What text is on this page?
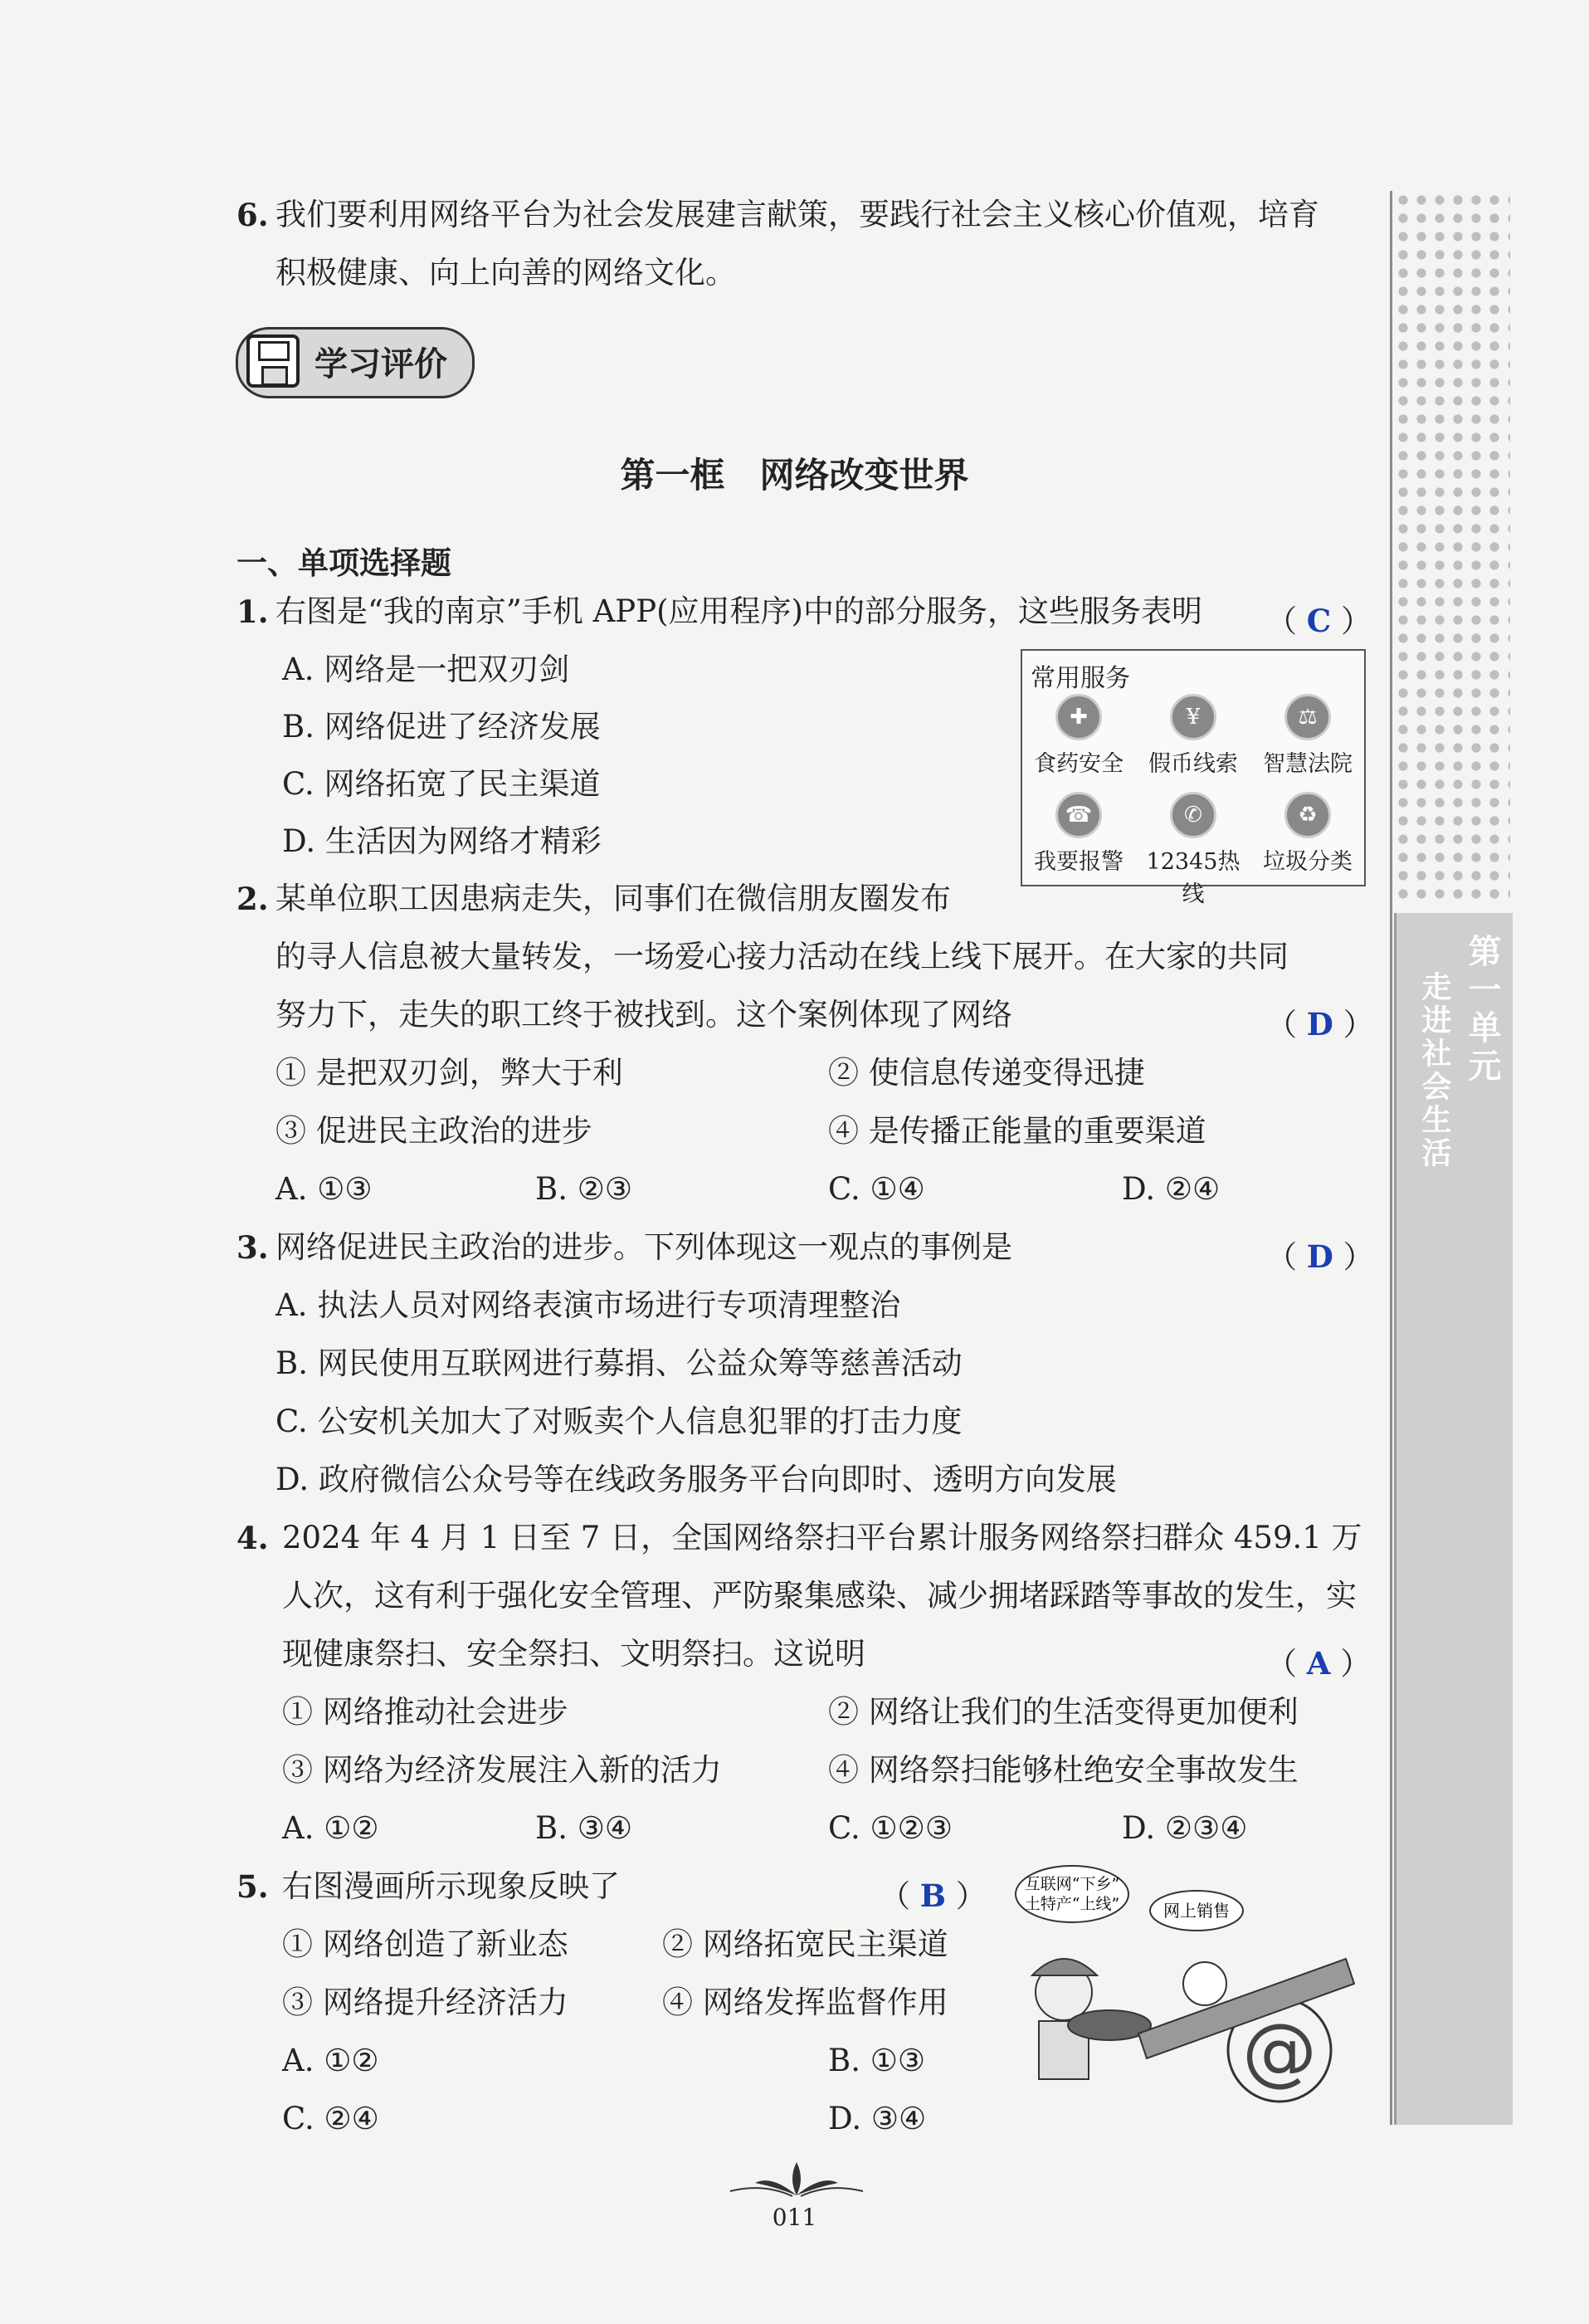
第一单元
走进社会生活
6. 我们要利用网络平台为社会发展建言献策，要践行社会主义核心价值观，培育
积极健康、向上向善的网络文化。
学习评价
第一框　网络改变世界
一、单项选择题
1. 右图是“我的南京”手机 APP(应用程序)中的部分服务，这些服务表明 （ C ）
A. 网络是一把双刃剑
B. 网络促进了经济发展
C. 网络拓宽了民主渠道
D. 生活因为网络才精彩
常用服务
✚
食药安全
¥
假币线索
⚖
智慧法院
☎
我要报警
✆
12345热线
♻
垃圾分类
2. 某单位职工因患病走失，同事们在微信朋友圈发布
的寻人信息被大量转发，一场爱心接力活动在线上线下展开。在大家的共同
努力下，走失的职工终于被找到。这个案例体现了网络	（ D ）
① 是把双刃剑，弊大于利	② 使信息传递变得迅捷
③ 促进民主政治的进步	④ 是传播正能量的重要渠道
A. ①③	B. ②③	C. ①④	D. ②④
3. 网络促进民主政治的进步。下列体现这一观点的事例是	（ D ）
A. 执法人员对网络表演市场进行专项清理整治
B. 网民使用互联网进行募捐、公益众筹等慈善活动
C. 公安机关加大了对贩卖个人信息犯罪的打击力度
D. 政府微信公众号等在线政务服务平台向即时、透明方向发展
4. 2024 年 4 月 1 日至 7 日，全国网络祭扫平台累计服务网络祭扫群众 459.1 万
人次，这有利于强化安全管理、严防聚集感染、减少拥堵踩踏等事故的发生，实
现健康祭扫、安全祭扫、文明祭扫。这说明	（ A ）
① 网络推动社会进步	② 网络让我们的生活变得更加便利
③ 网络为经济发展注入新的活力	④ 网络祭扫能够杜绝安全事故发生
A. ①②	B. ③④	C. ①②③	D. ②③④
5. 右图漫画所示现象反映了	（ B ）
① 网络创造了新业态	② 网络拓宽民主渠道
③ 网络提升经济活力	④ 网络发挥监督作用
A. ①②	B. ①③
C. ②④	D. ③④
互联网“下乡”
土特产“上线”	网上销售
@
011
